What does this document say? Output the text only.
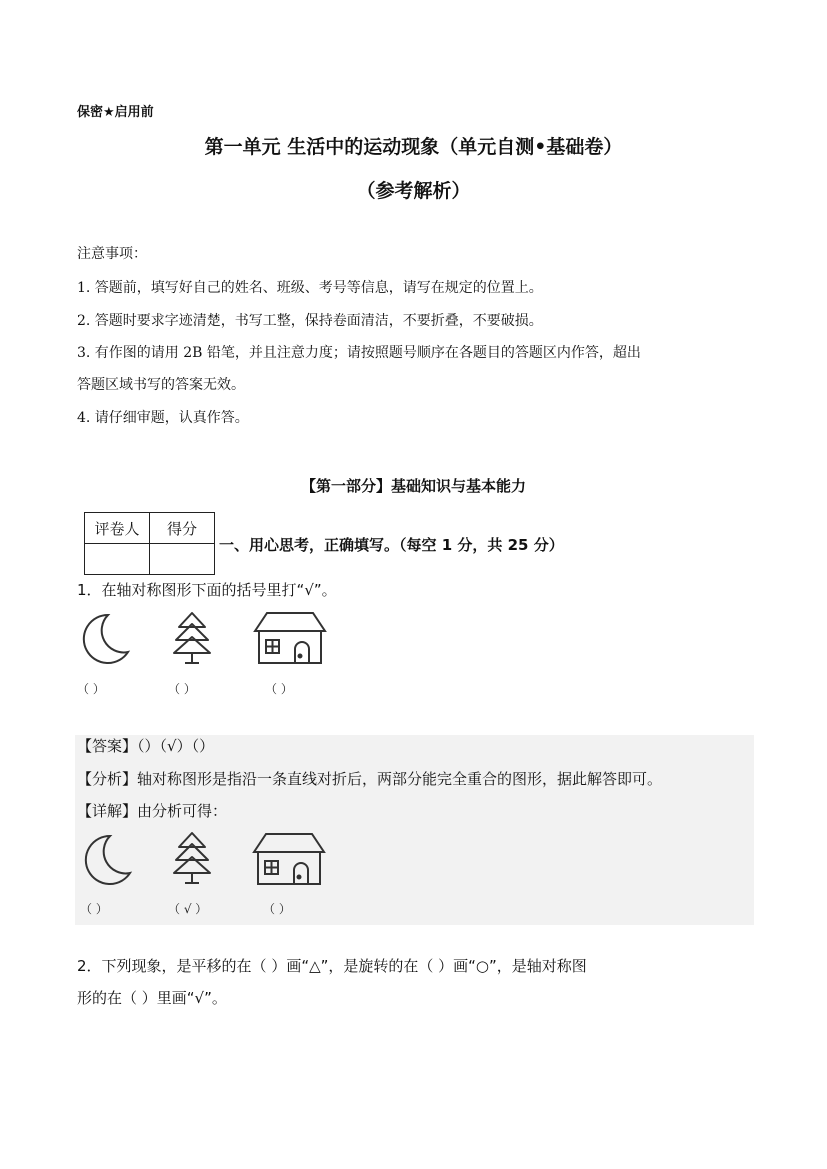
保密★启用前
第一单元 生活中的运动现象（单元自测•基础卷）
（参考解析）
注意事项：
1. 答题前，填写好自己的姓名、班级、考号等信息，请写在规定的位置上。
2. 答题时要求字迹清楚，书写工整，保持卷面清洁，不要折叠，不要破损。
3. 有作图的请用 2B 铅笔，并且注意力度；请按照题号顺序在各题目的答题区内作答，超出
答题区域书写的答案无效。
4. 请仔细审题，认真作答。
【第一部分】基础知识与基本能力
评卷人	得分

一、用心思考，正确填写。（每空 1 分，共 25 分）
1．在轴对称图形下面的括号里打“√”。
（ ）	（ ）	（ ）
【答案】（）（√）（）
【分析】轴对称图形是指沿一条直线对折后，两部分能完全重合的图形，据此解答即可。
【详解】由分析可得：
（ ）	（ √ ）	（ ）
2．下列现象，是平移的在（ ）画“△”，是旋转的在（ ）画“○”，是轴对称图
形的在（ ）里画“√”。
